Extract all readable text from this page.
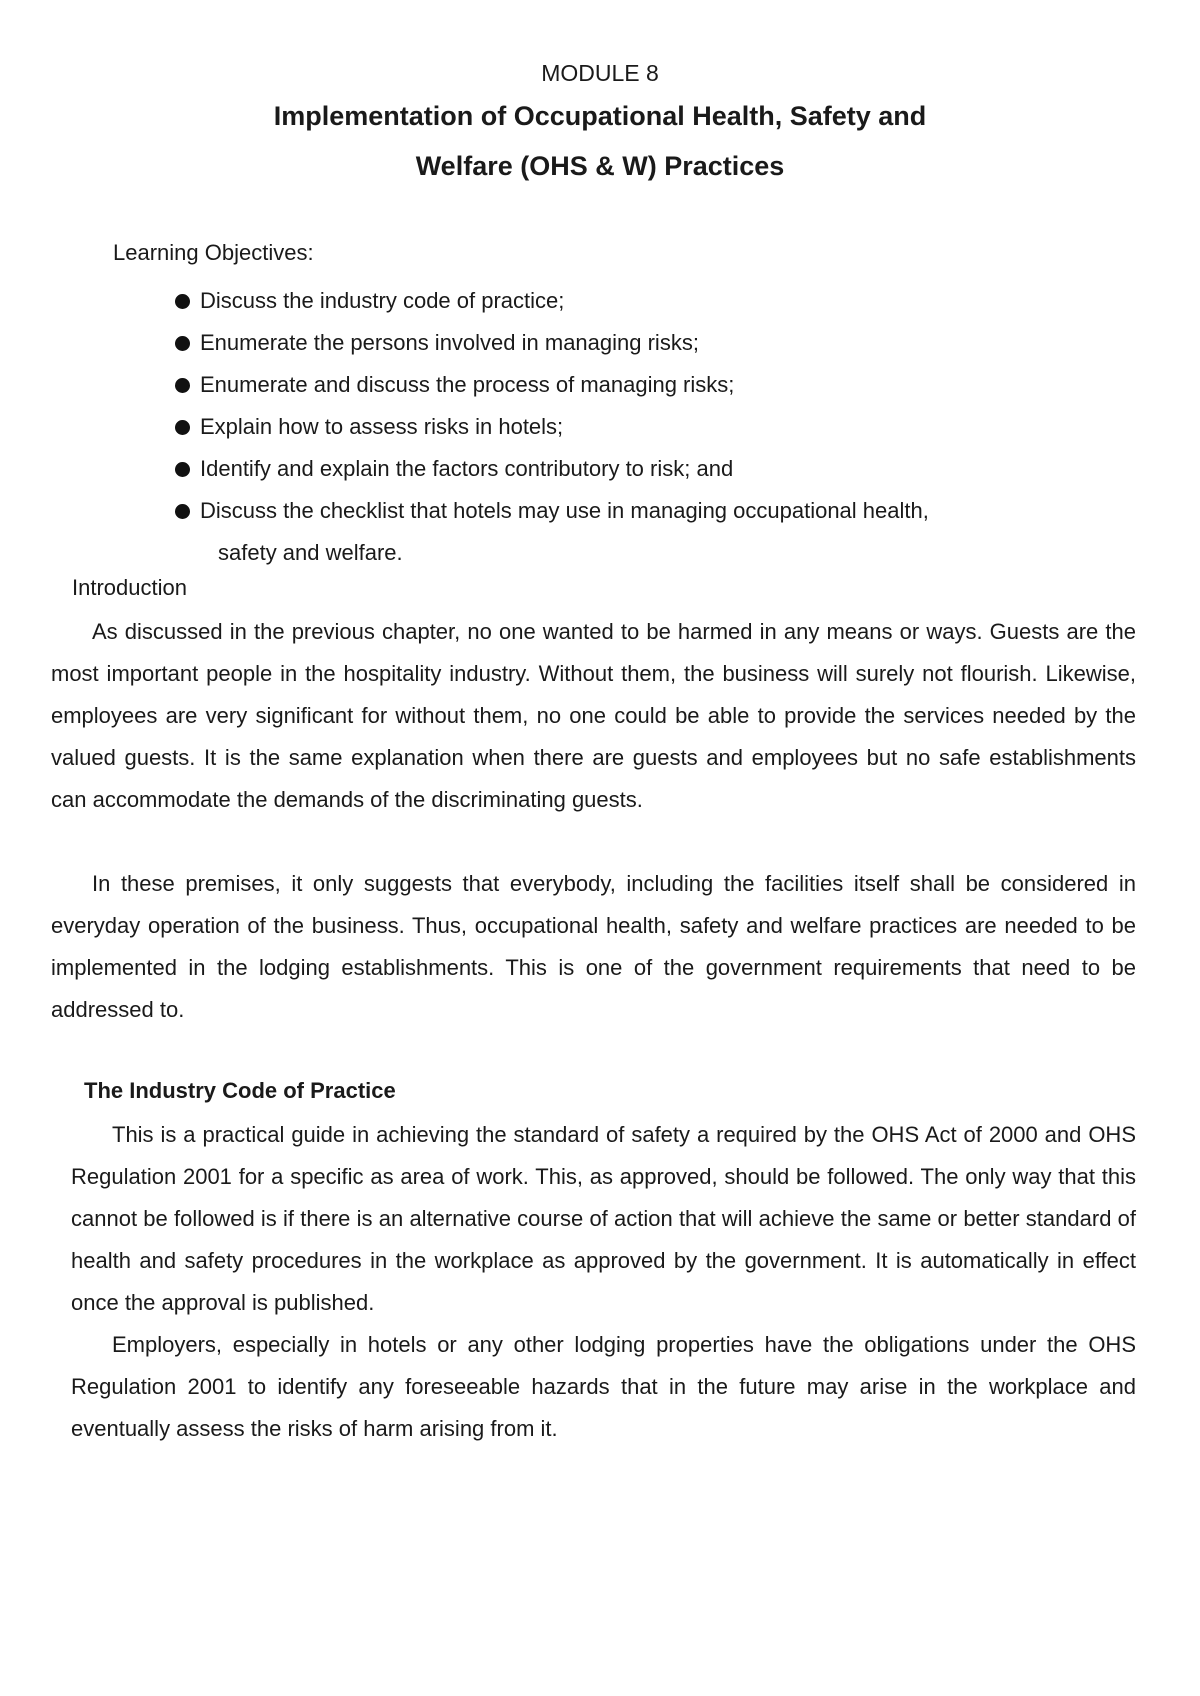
MODULE 8
Implementation of Occupational Health, Safety and
Welfare (OHS & W) Practices
Learning Objectives:
Discuss the industry code of practice;
Enumerate the persons involved in managing risks;
Enumerate and discuss the process of managing risks;
Explain how to assess risks in hotels;
Identify and explain the factors contributory to risk; and
Discuss the checklist that hotels may use in managing occupational health,
safety and welfare.
Introduction

As discussed in the previous chapter, no one wanted to be harmed in any means or ways. Guests are the most important people in the hospitality industry. Without them, the business will surely not flourish. Likewise, employees are very significant for without them, no one could be able to provide the services needed by the valued guests. It is the same explanation when there are guests and employees but no safe establishments can accommodate the demands of the discriminating guests.

In these premises, it only suggests that everybody, including the facilities itself shall be considered in everyday operation of the business. Thus, occupational health, safety and welfare practices are needed to be implemented in the lodging establishments. This is one of the government requirements that need to be addressed to.

The Industry Code of Practice

This is a practical guide in achieving the standard of safety a required by the OHS Act of 2000 and OHS Regulation 2001 for a specific as area of work. This, as approved, should be followed. The only way that this cannot be followed is if there is an alternative course of action that will achieve the same or better standard of health and safety procedures in the workplace as approved by the government. It is automatically in effect once the approval is published.

Employers, especially in hotels or any other lodging properties have the obligations under the OHS Regulation 2001 to identify any foreseeable hazards that in the future may arise in the workplace and eventually assess the risks of harm arising from it.
